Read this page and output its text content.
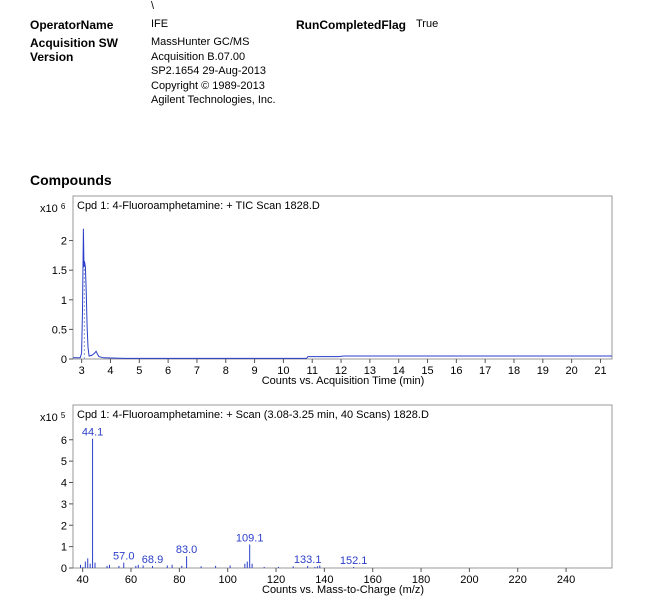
\
OperatorName	IFE	RunCompletedFlag True
Acquisition SW
Version
MassHunter GC/MS
Acquisition B.07.00
SP2.1654 29-Aug-2013
Copyright © 1989-2013
Agilent Technologies, Inc.
Compounds
x10 $^6$
x10 $^5$
Cpd 1: 4-Fluoroamphetamine: + TIC Scan 1828.D
0
0.5
1
1.5
2
3 4 5 6 7 8 9 10 11 12 13 14 15 16 17 18 19 20 21
Counts vs. Acquisition Time (min)
Cpd 1: 4-Fluoroamphetamine: + Scan (3.08-3.25 min, 40 Scans) 1828.D
0
1
2
3
4
5
6
40	60	80	100	120	140	160	180	200	220	240
44.1
57.0 68.9
83.0
109.1
133.1 152.1
Counts vs. Mass-to-Charge (m/z)
